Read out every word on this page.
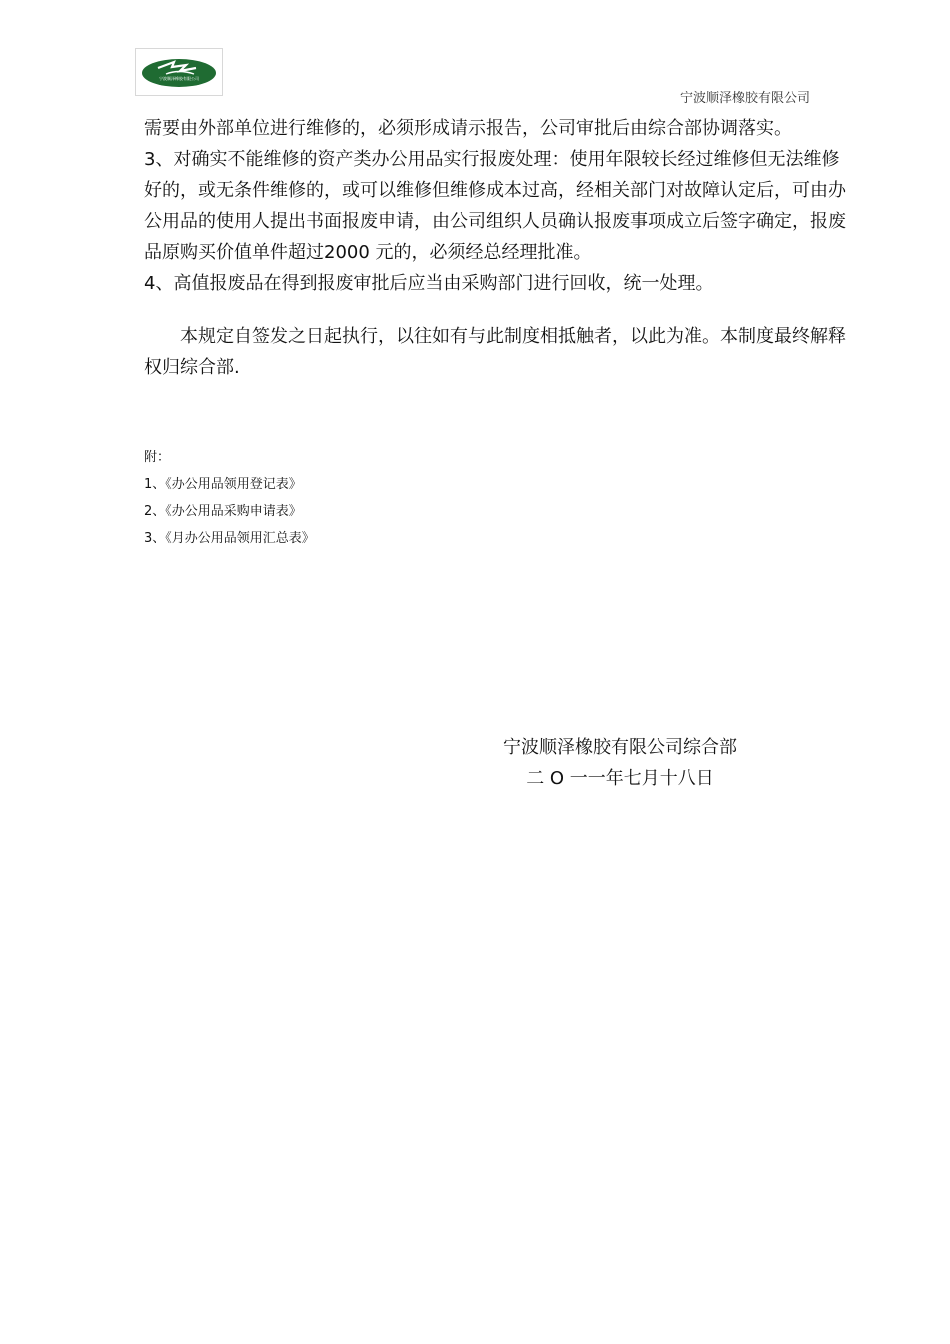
宁波顺泽橡胶有限公司
宁波顺泽橡胶有限公司

需要由外部单位进行维修的，必须形成请示报告，公司审批后由综合部协调落实。

3、对确实不能维修的资产类办公用品实行报废处理：使用年限较长经过维修但无法维修好的，或无条件维修的，或可以维修但维修成本过高，经相关部门对故障认定后，可由办公用品的使用人提出书面报废申请，由公司组织人员确认报废事项成立后签字确定，报废品原购买价值单件超过2000 元的，必须经总经理批准。

4、高值报废品在得到报废审批后应当由采购部门进行回收，统一处理。

本规定自签发之日起执行，以往如有与此制度相抵触者，以此为准。本制度最终解释权归综合部.

附：
1、《办公用品领用登记表》
2、《办公用品采购申请表》
3、《月办公用品领用汇总表》
宁波顺泽橡胶有限公司综合部
二 O 一一年七月十八日
